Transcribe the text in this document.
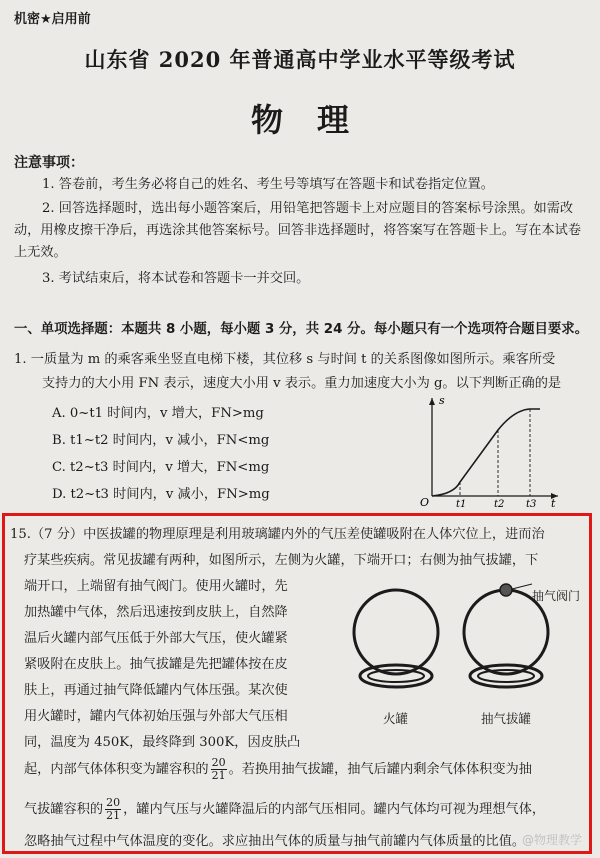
机密★启用前
山东省 2020 年普通高中学业水平等级考试
物理
注意事项：
1. 答卷前，考生务必将自己的姓名、考生号等填写在答题卡和试卷指定位置。
2. 回答选择题时，选出每小题答案后，用铅笔把答题卡上对应题目的答案标号涂黑。如需改动，用橡皮擦干净后，再选涂其他答案标号。回答非选择题时，将答案写在答题卡上。写在本试卷上无效。
3. 考试结束后，将本试卷和答题卡一并交回。
一、单项选择题：本题共 8 小题，每小题 3 分，共 24 分。每小题只有一个选项符合题目要求。
1. 一质量为 m 的乘客乘坐竖直电梯下楼，其位移 s 与时间 t 的关系图像如图所示。乘客所受
支持力的大小用 FN 表示，速度大小用 v 表示。重力加速度大小为 g。以下判断正确的是
A. 0~t1 时间内，v 增大，FN>mg
B. t1~t2 时间内，v 减小，FN<mg
C. t2~t3 时间内，v 增大，FN<mg
D. t2~t3 时间内，v 减小，FN>mg
s
t
O	t1	t2 t3
15.（7 分）中医拔罐的物理原理是利用玻璃罐内外的气压差使罐吸附在人体穴位上，进而治
疗某些疾病。常见拔罐有两种，如图所示，左侧为火罐，下端开口；右侧为抽气拔罐，下
端开口，上端留有抽气阀门。使用火罐时，先
加热罐中气体，然后迅速按到皮肤上，自然降
温后火罐内部气压低于外部大气压，使火罐紧
紧吸附在皮肤上。抽气拔罐是先把罐体按在皮
肤上，再通过抽气降低罐内气体压强。某次使
用火罐时，罐内气体初始压强与外部大气压相
同，温度为 450K，最终降到 300K，因皮肤凸
起，内部气体体积变为罐容积的 $\frac{20}{21}$ 。若换用抽气拔罐，抽气后罐内剩余气体体积变为抽
气拔罐容积的 $\frac{20}{21}$ ，罐内气压与火罐降温后的内部气压相同。罐内气体均可视为理想气体，
忽略抽气过程中气体温度的变化。求应抽出气体的质量与抽气前罐内气体质量的比值。
抽气阀门
火罐	抽气拔罐
@物理教学
